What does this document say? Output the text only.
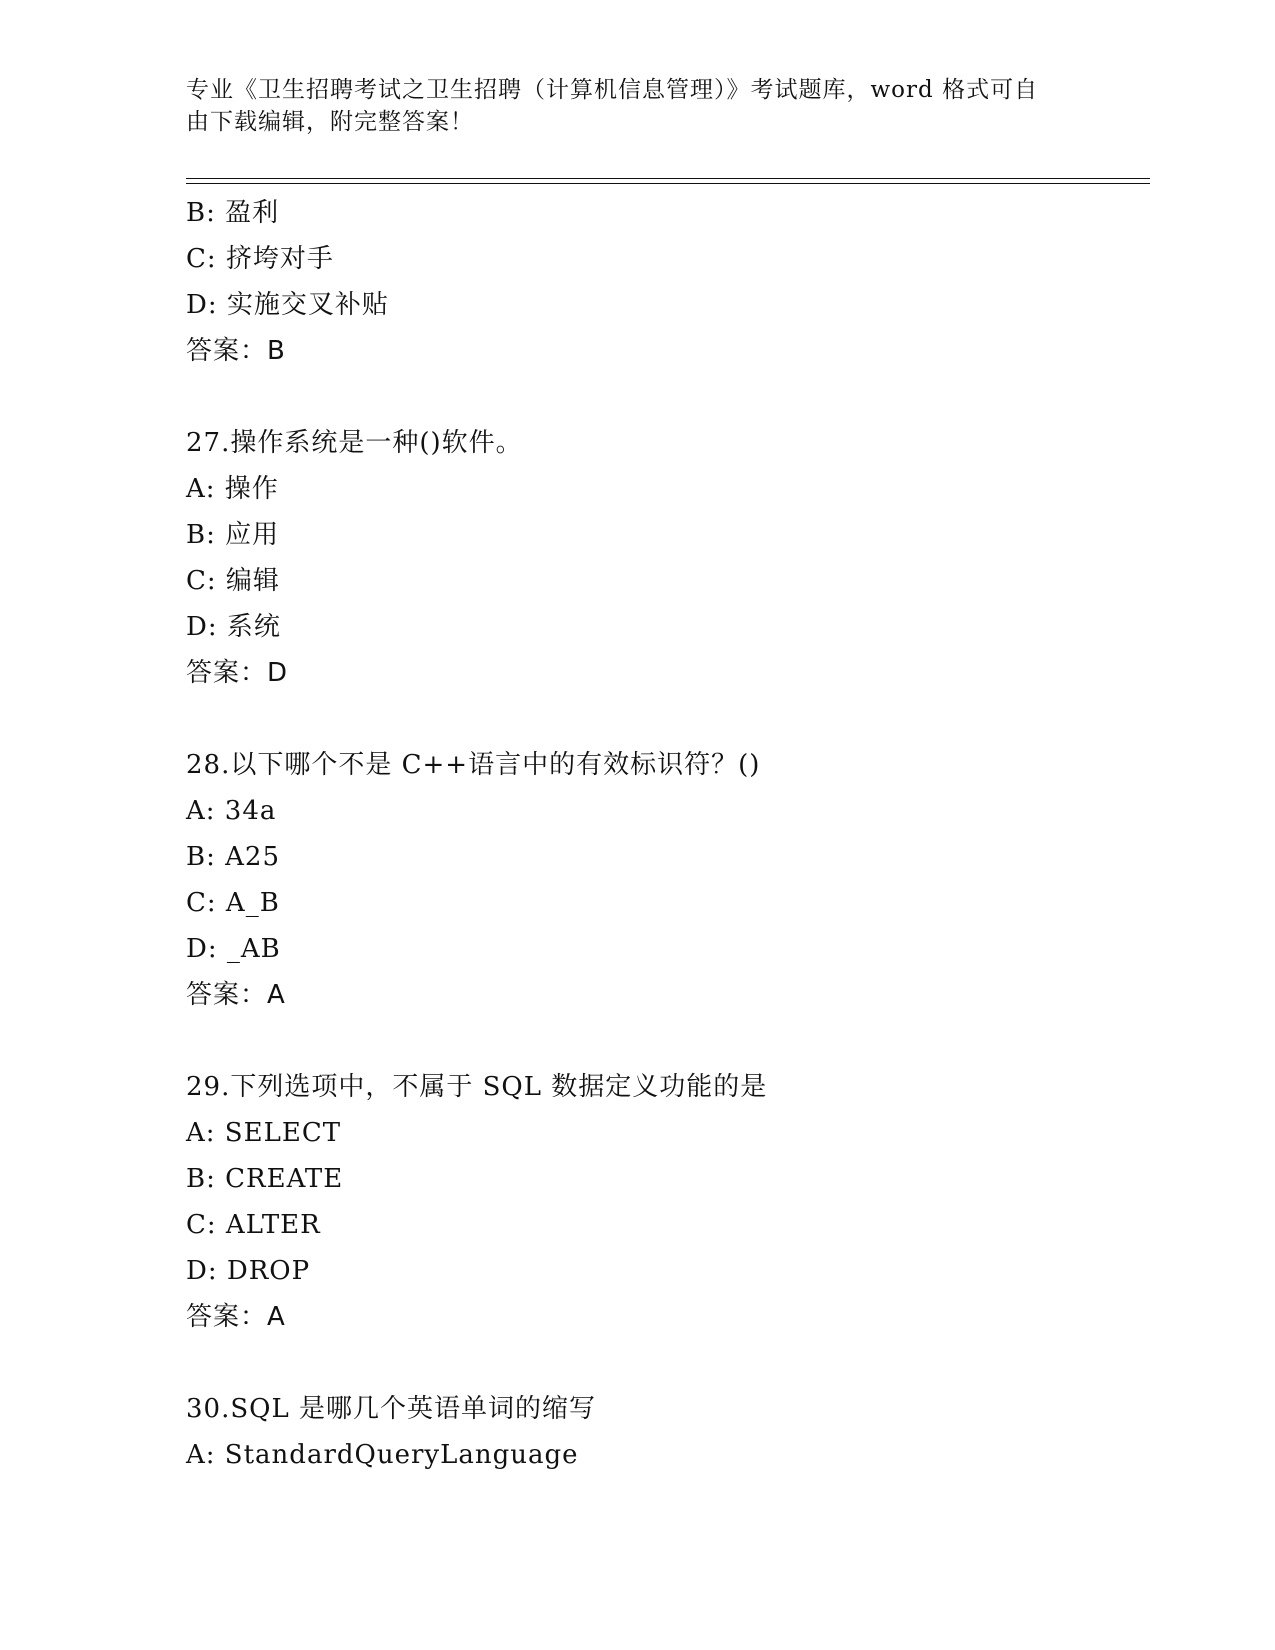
专业《卫生招聘考试之卫生招聘（计算机信息管理）》考试题库，word 格式可自
由下载编辑，附完整答案！
B: 盈利
C: 挤垮对手
D: 实施交叉补贴
答案：B
27.操作系统是一种()软件。
A: 操作
B: 应用
C: 编辑
D: 系统
答案：D
28.以下哪个不是 C++语言中的有效标识符？()
A: 34a
B: A25
C: A_B
D: _AB
答案：A
29.下列选项中，不属于 SQL 数据定义功能的是
A: SELECT
B: CREATE
C: ALTER
D: DROP
答案：A
30.SQL 是哪几个英语单词的缩写
A: StandardQueryLanguage
